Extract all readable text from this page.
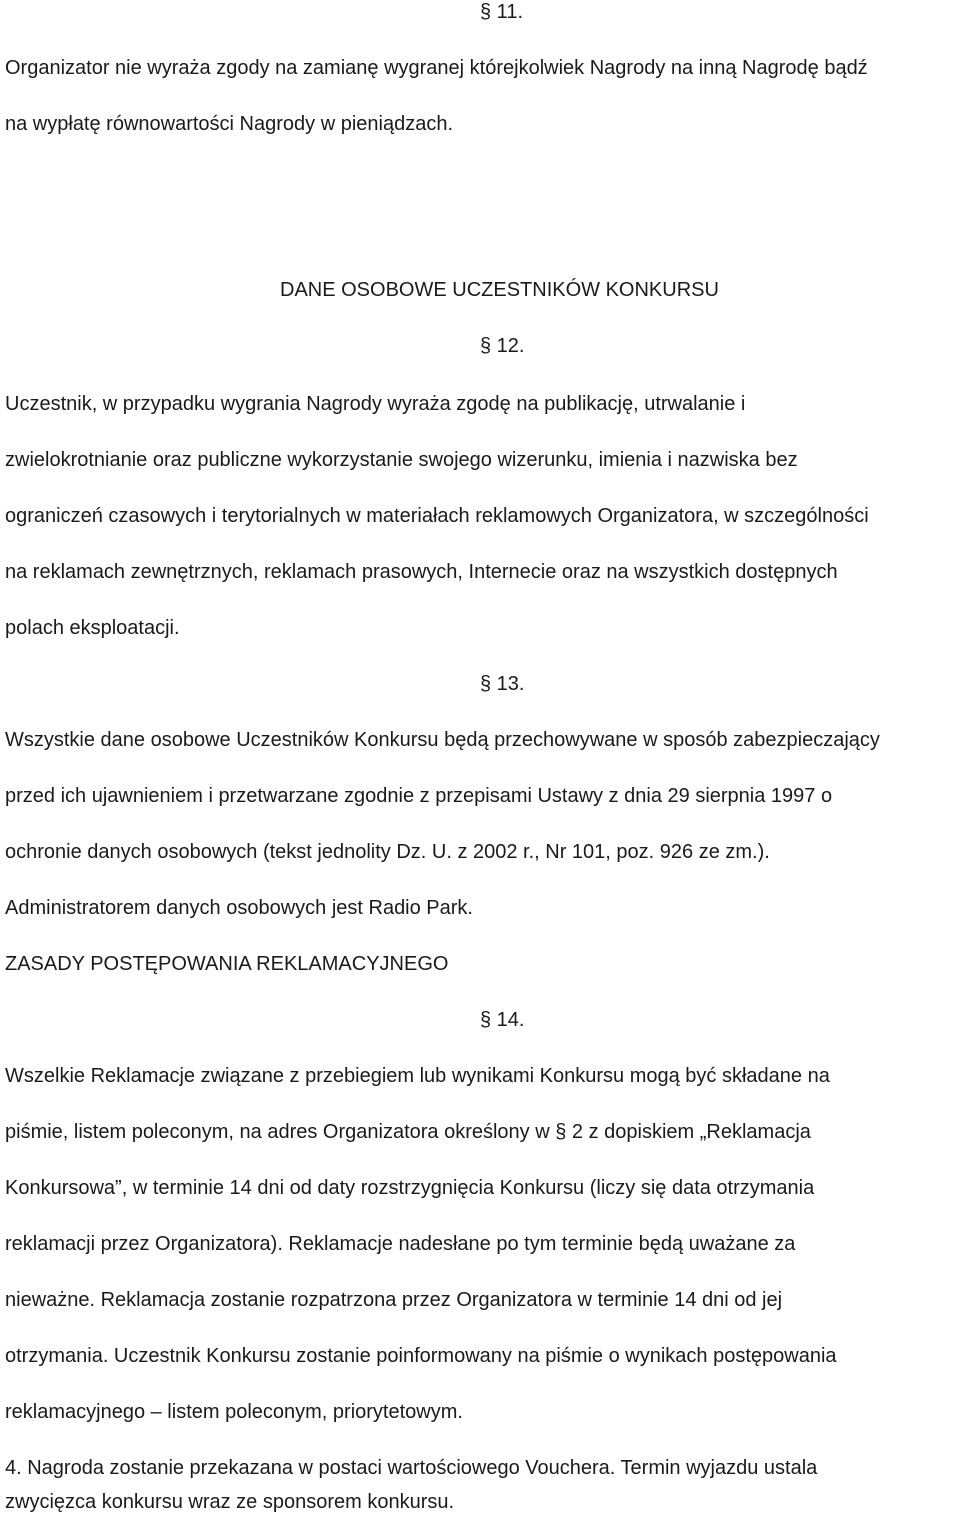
§ 11.

Organizator nie wyraża zgody na zamianę wygranej którejkolwiek Nagrody na inną Nagrodę bądź

na wypłatę równowartości Nagrody w pieniądzach.

DANE OSOBOWE UCZESTNIKÓW KONKURSU

§ 12.

Uczestnik, w przypadku wygrania Nagrody wyraża zgodę na publikację, utrwalanie i

zwielokrotnianie oraz publiczne wykorzystanie swojego wizerunku, imienia i nazwiska bez

ograniczeń czasowych i terytorialnych w materiałach reklamowych Organizatora, w szczególności

na reklamach zewnętrznych, reklamach prasowych, Internecie oraz na wszystkich dostępnych

polach eksploatacji.

§ 13.

Wszystkie dane osobowe Uczestników Konkursu będą przechowywane w sposób zabezpieczający

przed ich ujawnieniem i przetwarzane zgodnie z przepisami Ustawy z dnia 29 sierpnia 1997 o

ochronie danych osobowych (tekst jednolity Dz. U. z 2002 r., Nr 101, poz. 926 ze zm.).

Administratorem danych osobowych jest Radio Park.

ZASADY POSTĘPOWANIA REKLAMACYJNEGO

§ 14.

Wszelkie Reklamacje związane z przebiegiem lub wynikami Konkursu mogą być składane na

piśmie, listem poleconym, na adres Organizatora określony w § 2 z dopiskiem „Reklamacja

Konkursowa”, w terminie 14 dni od daty rozstrzygnięcia Konkursu (liczy się data otrzymania

reklamacji przez Organizatora). Reklamacje nadesłane po tym terminie będą uważane za

nieważne. Reklamacja zostanie rozpatrzona przez Organizatora w terminie 14 dni od jej

otrzymania. Uczestnik Konkursu zostanie poinformowany na piśmie o wynikach postępowania

reklamacyjnego – listem poleconym, priorytetowym.

4. Nagroda zostanie przekazana w postaci wartościowego Vouchera. Termin wyjazdu ustala

zwycięzca konkursu wraz ze sponsorem konkursu.
